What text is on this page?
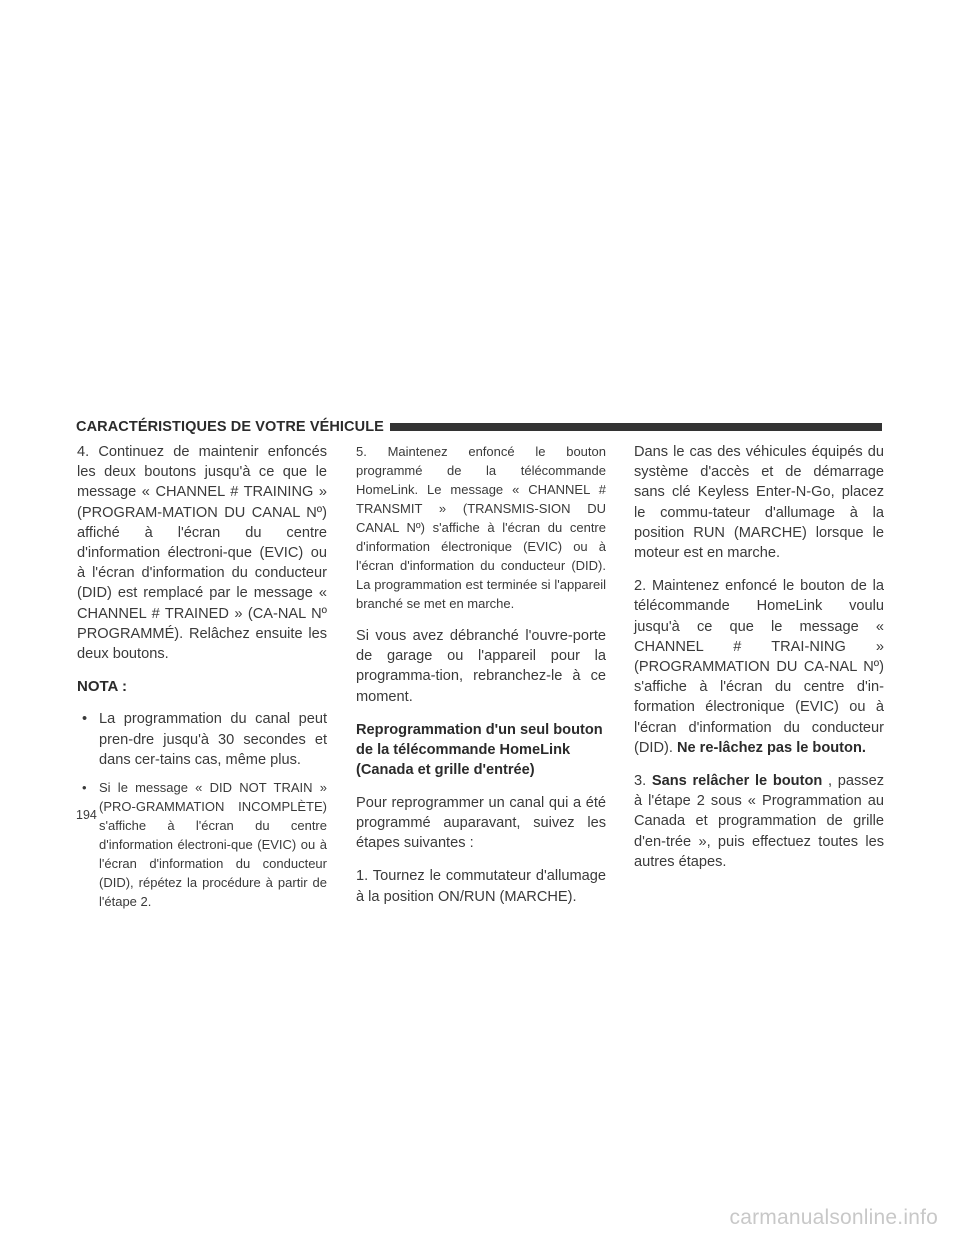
CARACTÉRISTIQUES DE VOTRE VÉHICULE

4. Continuez de maintenir enfoncés les deux boutons jusqu'à ce que le message « CHANNEL # TRAINING » (PROGRAM-MATION DU CANAL Nº) affiché à l'écran du centre d'information électroni-que (EVIC) ou à l'écran d'information du conducteur (DID) est remplacé par le message « CHANNEL # TRAINED » (CA-NAL Nº PROGRAMMÉ). Relâchez ensuite les deux boutons.

NOTA :
• La programmation du canal peut pren-dre jusqu'à 30 secondes et dans cer-tains cas, même plus.
• Si le message « DID NOT TRAIN » (PRO-GRAMMATION INCOMPLÈTE) s'affiche à l'écran du centre d'information électroni-que (EVIC) ou à l'écran d'information du conducteur (DID), répétez la procédure à partir de l'étape 2.

5. Maintenez enfoncé le bouton programmé de la télécommande HomeLink. Le message « CHANNEL # TRANSMIT » (TRANSMIS-SION DU CANAL Nº) s'affiche à l'écran du centre d'information électronique (EVIC) ou à l'écran d'information du conducteur (DID). La programmation est terminée si l'appareil branché se met en marche.

Si vous avez débranché l'ouvre-porte de garage ou l'appareil pour la programma-tion, rebranchez-le à ce moment.

Reprogrammation d'un seul bouton de la télécommande HomeLink (Canada et grille d'entrée)

Pour reprogrammer un canal qui a été programmé auparavant, suivez les étapes suivantes :

1. Tournez le commutateur d'allumage à la position ON/RUN (MARCHE).

Dans le cas des véhicules équipés du système d'accès et de démarrage sans clé Keyless Enter-N-Go, placez le commu-tateur d'allumage à la position RUN (MARCHE) lorsque le moteur est en marche.

2. Maintenez enfoncé le bouton de la télécommande HomeLink voulu jusqu'à ce que le message « CHANNEL # TRAI-NING » (PROGRAMMATION DU CA-NAL Nº) s'affiche à l'écran du centre d'in-formation électronique (EVIC) ou à l'écran d'information du conducteur (DID). Ne re-lâchez pas le bouton.

3. Sans relâcher le bouton , passez à l'étape 2 sous « Programmation au Canada et programmation de grille d'en-trée », puis effectuez toutes les autres étapes.

194
carmanualsonline.info
